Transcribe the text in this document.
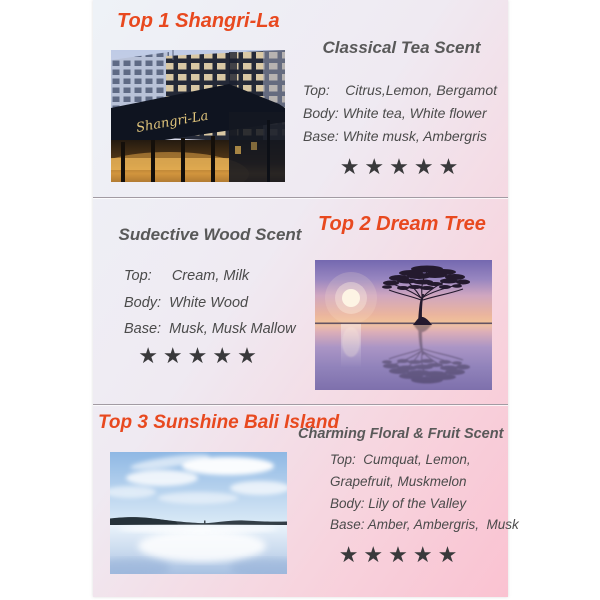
Top 1 Shangri-La
Shangri-La
Classical Tea Scent
Top:    Citrus,Lemon, Bergamot
Body: White tea, White flower
Base: White musk, Ambergris
★★★★★
Sudective Wood Scent
Top:     Cream, Milk
Body:  White Wood
Base:  Musk, Musk Mallow
★★★★★
Top 2 Dream Tree
Top 3 Sunshine Bali Island
Charming Floral & Fruit Scent
Top:  Cumquat, Lemon,
Grapefruit, Muskmelon
Body: Lily of the Valley
Base: Amber, Ambergris,  Musk
★★★★★
